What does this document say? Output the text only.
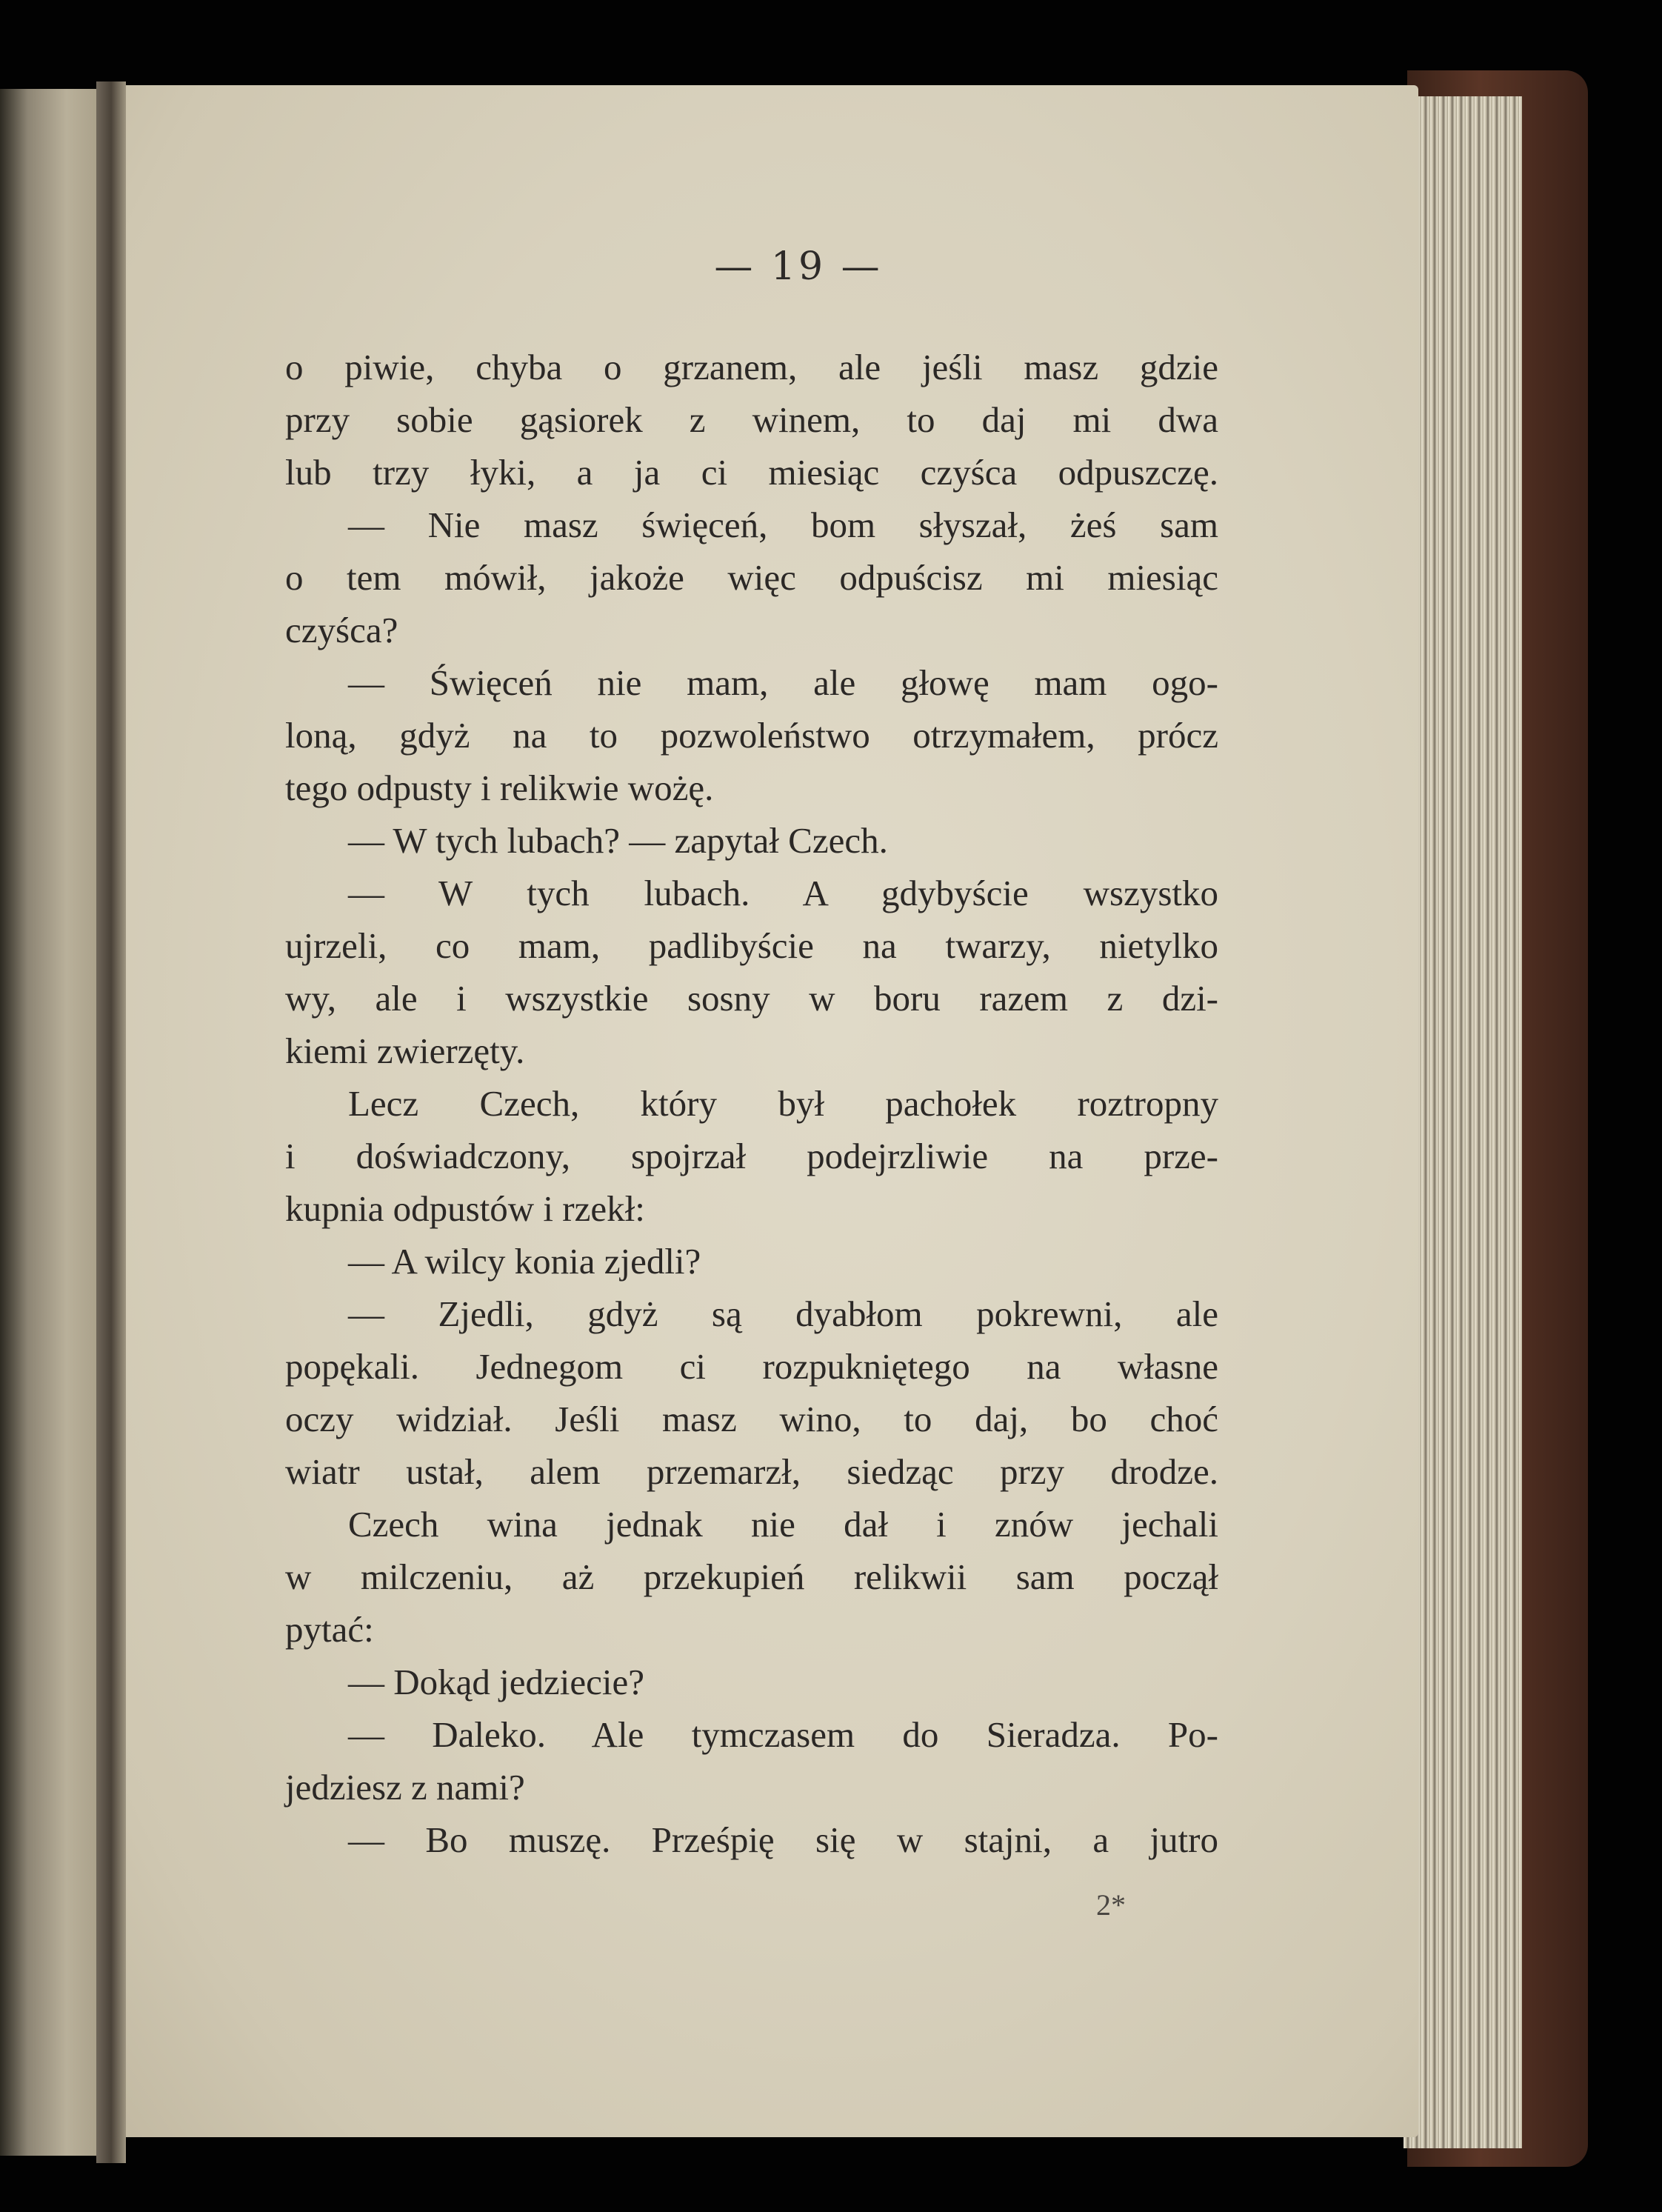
— 19 —
o piwie, chyba o grzanem, ale jeśli masz gdzie
przy sobie gąsiorek z winem, to daj mi dwa
lub trzy łyki, a ja ci miesiąc czyśca odpuszczę.
— Nie masz święceń, bom słyszał, żeś sam
o tem mówił, jakoże więc odpuścisz mi miesiąc
czyśca?
— Święceń nie mam, ale głowę mam ogo-
loną, gdyż na to pozwoleństwo otrzymałem, prócz
tego odpusty i relikwie wożę.
— W tych lubach? — zapytał Czech.
— W tych lubach. A gdybyście wszystko
ujrzeli, co mam, padlibyście na twarzy, nietylko
wy, ale i wszystkie sosny w boru razem z dzi-
kiemi zwierzęty.
Lecz Czech, który był pachołek roztropny
i doświadczony, spojrzał podejrzliwie na prze-
kupnia odpustów i rzekł:
— A wilcy konia zjedli?
— Zjedli, gdyż są dyabłom pokrewni, ale
popękali. Jednegom ci rozpukniętego na własne
oczy widział. Jeśli masz wino, to daj, bo choć
wiatr ustał, alem przemarzł, siedząc przy drodze.
Czech wina jednak nie dał i znów jechali
w milczeniu, aż przekupień relikwii sam począł
pytać:
— Dokąd jedziecie?
— Daleko. Ale tymczasem do Sieradza. Po-
jedziesz z nami?
— Bo muszę. Prześpię się w stajni, a jutro
2*
